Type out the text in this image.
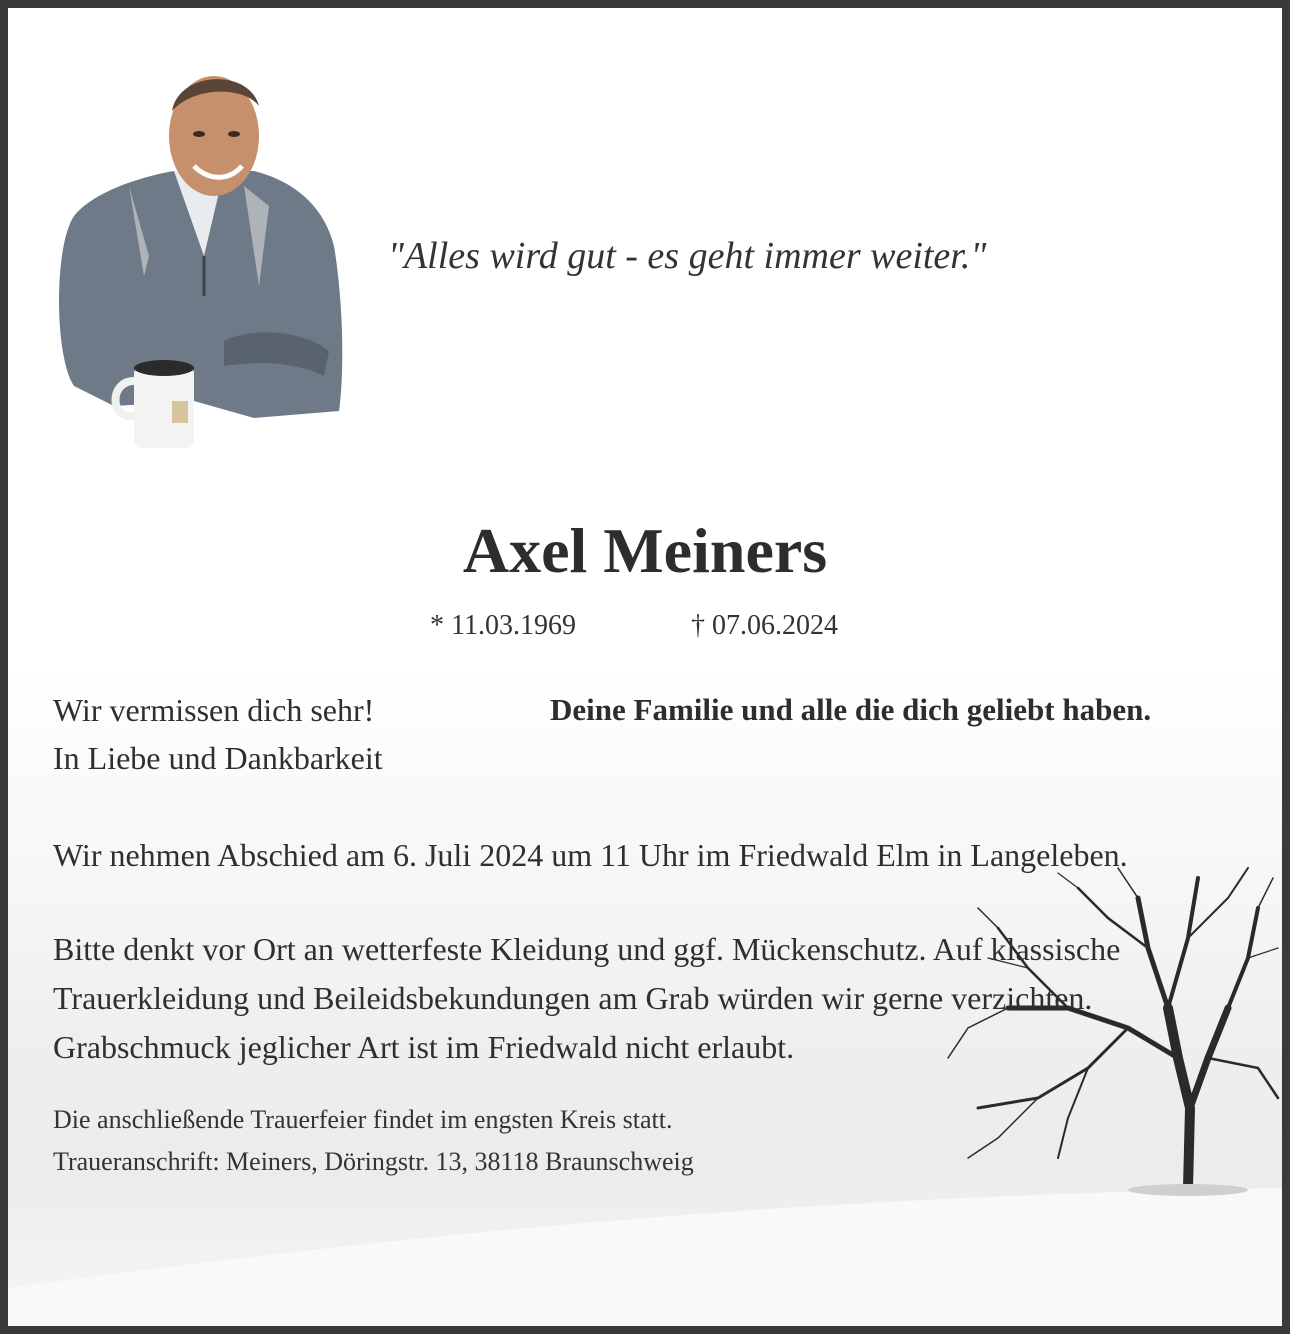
"Alles wird gut - es geht immer weiter."
Axel Meiners
* 11.03.1969	† 07.06.2024
Wir vermissen dich sehr!
In Liebe und Dankbarkeit
Deine Familie und alle die dich geliebt haben.
Wir nehmen Abschied am 6. Juli 2024 um 11 Uhr im Friedwald Elm in Langeleben.
Bitte denkt vor Ort an wetterfeste Kleidung und ggf. Mückenschutz. Auf klassische Trauerkleidung und Beileidsbekundungen am Grab würden wir gerne verzichten. Grabschmuck jeglicher Art ist im Friedwald nicht erlaubt.
Die anschließende Trauerfeier findet im engsten Kreis statt.
Traueranschrift: Meiners, Döringstr. 13, 38118 Braunschweig
